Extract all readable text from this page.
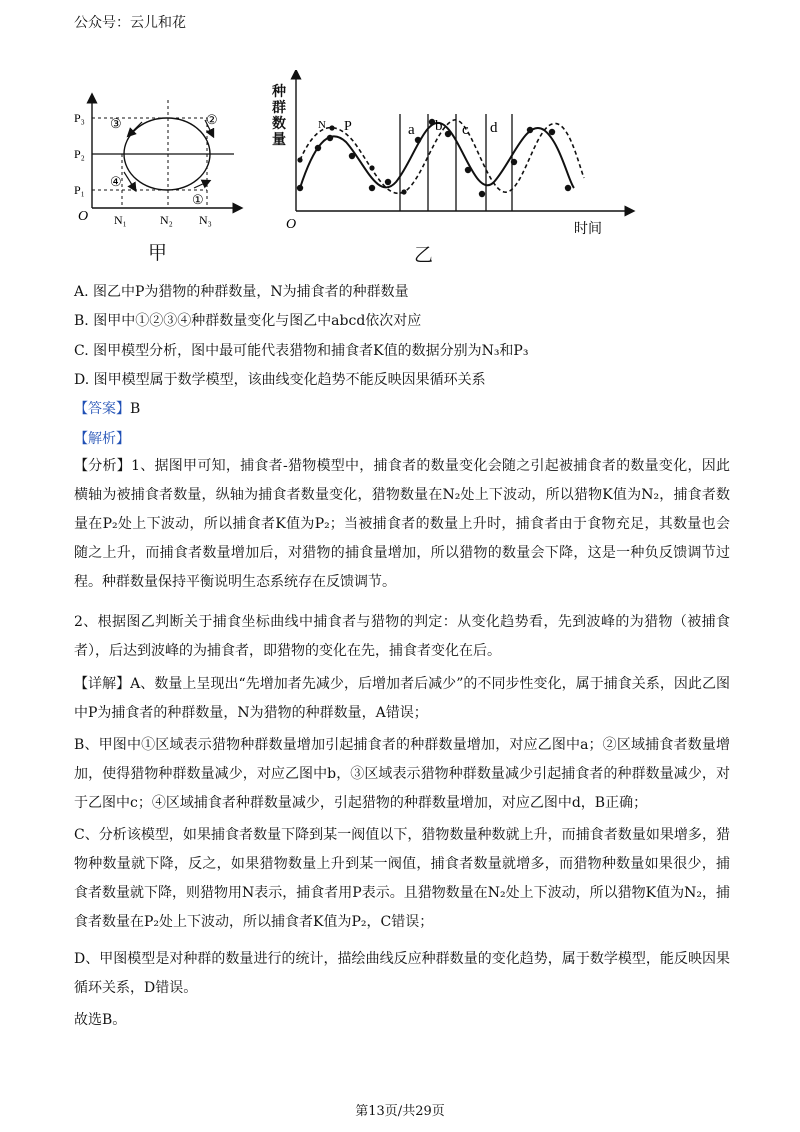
公众号：云儿和花
O
P₃
P₂
P₁
N₁	N₂ N₃
①
②
③
④
甲
N P	a b c d
O	时间
种群数量
乙
A. 图乙中P为猎物的种群数量，N为捕食者的种群数量
B. 图甲中①②③④种群数量变化与图乙中abcd依次对应
C. 图甲模型分析，图中最可能代表猎物和捕食者K值的数据分别为N₃和P₃
D. 图甲模型属于数学模型，该曲线变化趋势不能反映因果循环关系
【答案】B
【解析】
【分析】1、据图甲可知，捕食者-猎物模型中，捕食者的数量变化会随之引起被捕食者的数量变化，因此横轴为被捕食者数量，纵轴为捕食者数量变化，猎物数量在N₂处上下波动，所以猎物K值为N₂，捕食者数量在P₂处上下波动，所以捕食者K值为P₂；当被捕食者的数量上升时，捕食者由于食物充足，其数量也会随之上升，而捕食者数量增加后，对猎物的捕食量增加，所以猎物的数量会下降，这是一种负反馈调节过程。种群数量保持平衡说明生态系统存在反馈调节。
2、根据图乙判断关于捕食坐标曲线中捕食者与猎物的判定：从变化趋势看，先到波峰的为猎物（被捕食者），后达到波峰的为捕食者，即猎物的变化在先，捕食者变化在后。
【详解】A、数量上呈现出“先增加者先减少，后增加者后减少”的不同步性变化，属于捕食关系，因此乙图中P为捕食者的种群数量，N为猎物的种群数量，A错误；
B、甲图中①区域表示猎物种群数量增加引起捕食者的种群数量增加，对应乙图中a；②区域捕食者数量增加，使得猎物种群数量减少，对应乙图中b，③区域表示猎物种群数量减少引起捕食者的种群数量减少，对于乙图中c；④区域捕食者种群数量减少，引起猎物的种群数量增加，对应乙图中d，B正确；
C、分析该模型，如果捕食者数量下降到某一阀值以下，猎物数量种数就上升，而捕食者数量如果增多，猎物种数量就下降，反之，如果猎物数量上升到某一阀值，捕食者数量就增多，而猎物种数量如果很少，捕食者数量就下降，则猎物用N表示，捕食者用P表示。且猎物数量在N₂处上下波动，所以猎物K值为N₂，捕食者数量在P₂处上下波动，所以捕食者K值为P₂，C错误；
D、甲图模型是对种群的数量进行的统计，描绘曲线反应种群数量的变化趋势，属于数学模型，能反映因果循环关系，D错误。
故选B。
第13页/共29页
